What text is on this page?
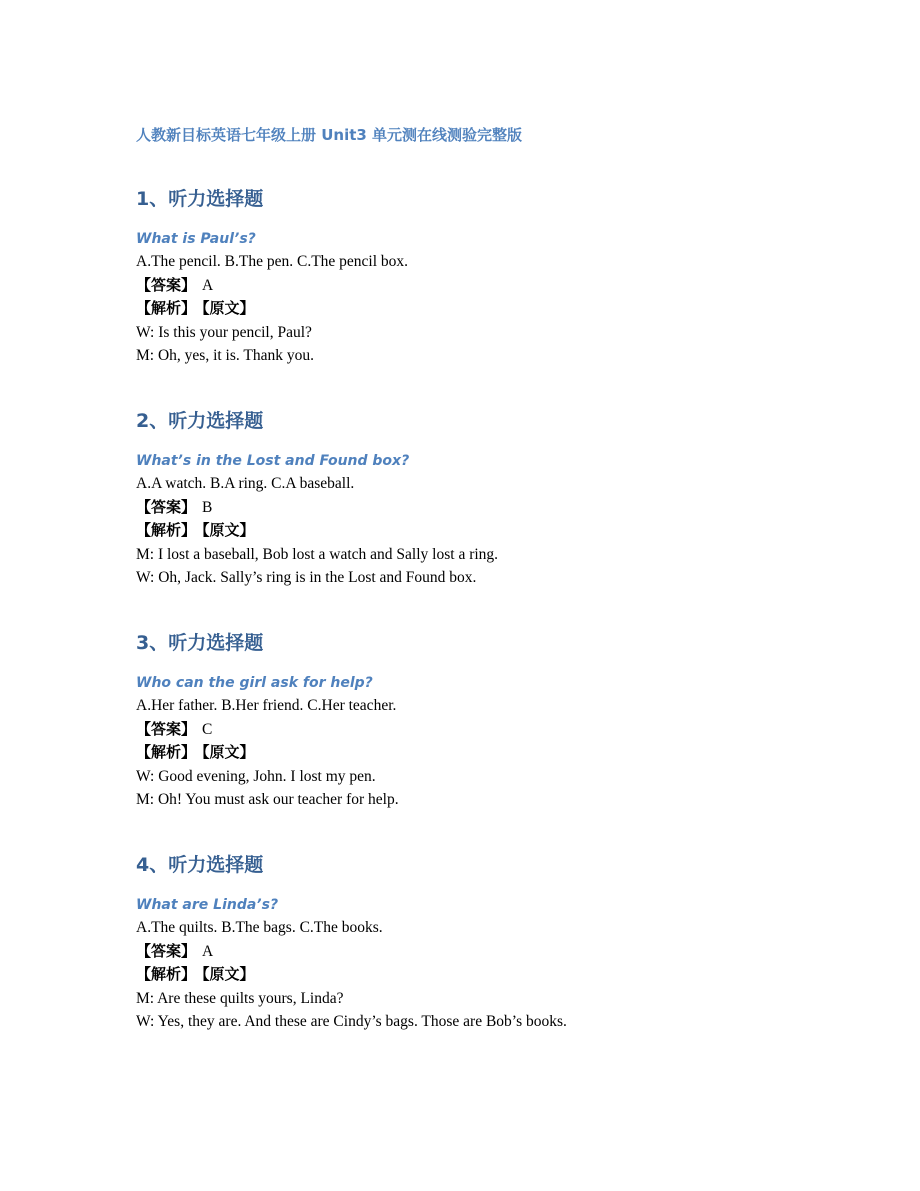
人教新目标英语七年级上册 Unit3 单元测在线测验完整版
1、听力选择题
What is Paul’s?
A.The pencil. B.The pen. C.The pencil box.
【答案】 A
【解析】 【原文】
W: Is this your pencil, Paul?
M: Oh, yes, it is. Thank you.
2、听力选择题
What’s in the Lost and Found box?
A.A watch. B.A ring. C.A baseball.
【答案】 B
【解析】 【原文】
M: I lost a baseball, Bob lost a watch and Sally lost a ring.
W: Oh, Jack. Sally’s ring is in the Lost and Found box.
3、听力选择题
Who can the girl ask for help?
A.Her father. B.Her friend. C.Her teacher.
【答案】 C
【解析】 【原文】
W: Good evening, John. I lost my pen.
M: Oh! You must ask our teacher for help.
4、听力选择题
What are Linda’s?
A.The quilts. B.The bags. C.The books.
【答案】 A
【解析】 【原文】
M: Are these quilts yours, Linda?
W: Yes, they are. And these are Cindy’s bags. Those are Bob’s books.
